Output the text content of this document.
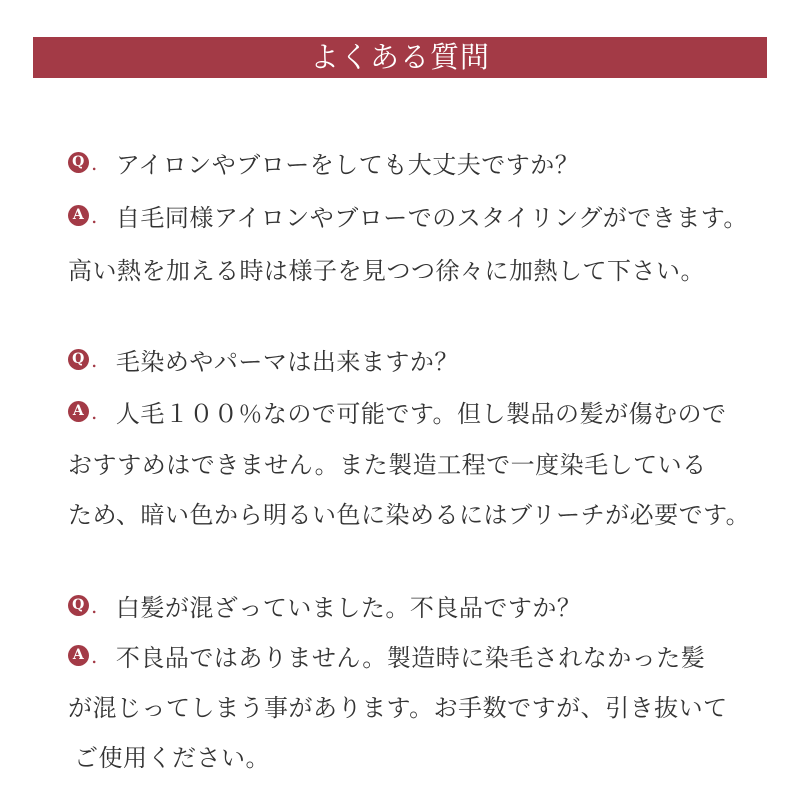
よくある質問
Q . アイロンやブローをしても大丈夫ですか？
A . 自毛同様アイロンやブローでのスタイリングができます。
高い熱を加える時は様子を見つつ徐々に加熱して下さい。
Q . 毛染めやパーマは出来ますか？
A . 人毛１００％なので可能です。但し製品の髪が傷むので
おすすめはできません。また製造工程で一度染毛している
ため、暗い色から明るい色に染めるにはブリーチが必要です。
Q . 白髪が混ざっていました。不良品ですか？
A . 不良品ではありません。製造時に染毛されなかった髪
が混じってしまう事があります。お手数ですが、引き抜いて
ご使用ください。
